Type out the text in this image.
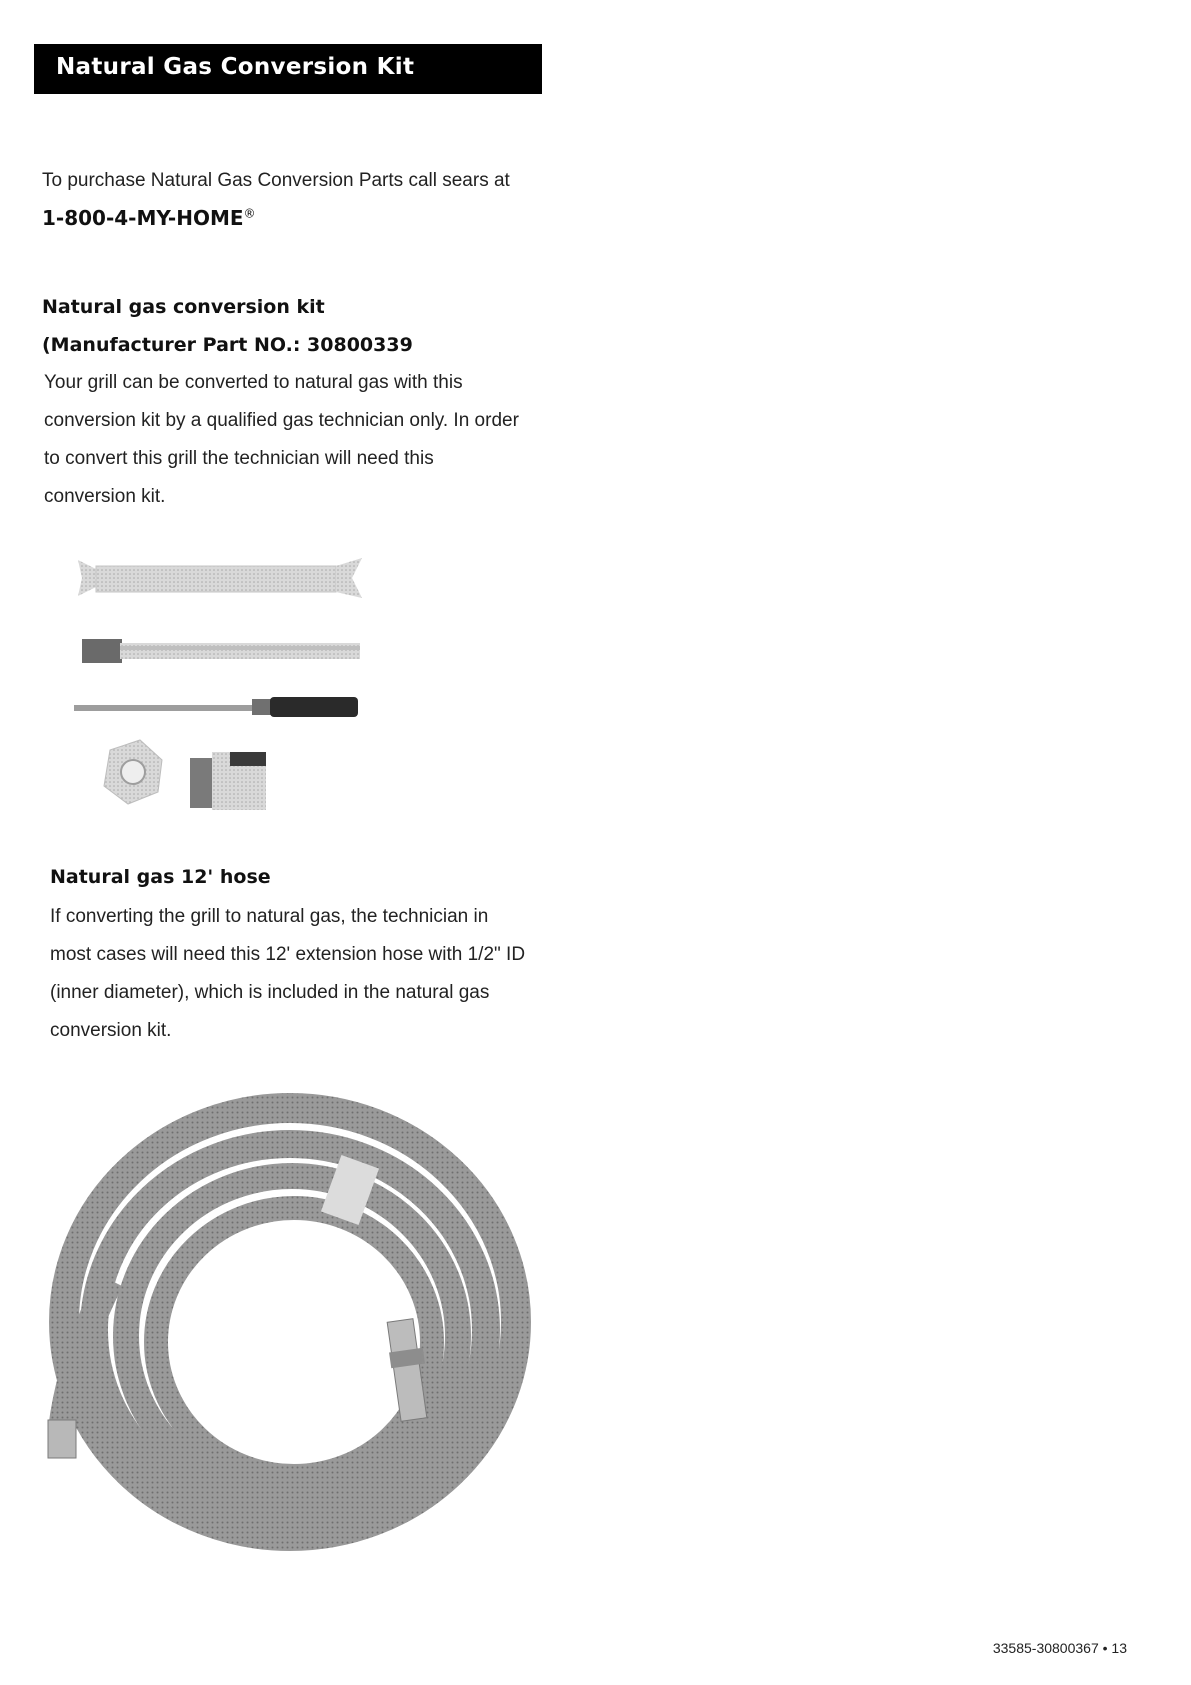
Natural Gas Conversion Kit
To purchase Natural Gas Conversion Parts call sears at
1-800-4-MY-HOME®
Natural gas conversion kit
(Manufacturer Part NO.: 30800339
Your grill can be converted to natural gas with this
conversion kit by a qualified gas technician only. In order
to convert this grill the technician will need this
conversion kit.
Natural gas 12' hose
If converting the grill to natural gas, the technician in
most cases will need this 12' extension hose with 1/2" ID
(inner diameter), which is included in the natural gas
conversion kit.
33585-30800367 • 13
